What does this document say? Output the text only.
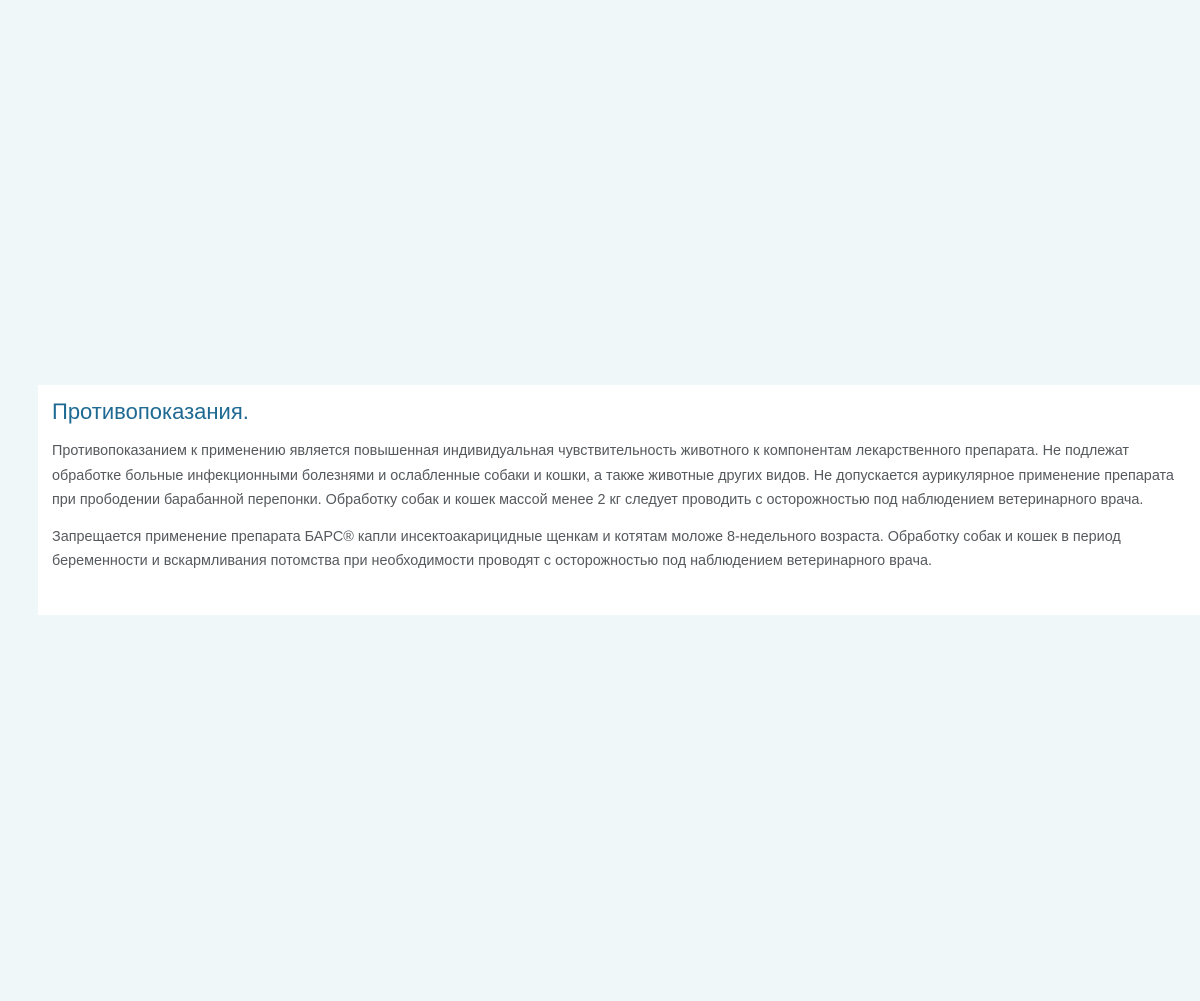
Противопоказания.

Противопоказанием к применению является повышенная индивидуальная чувствительность животного к компонентам лекарственного препарата. Не подлежат обработке больные инфекционными болезнями и ослабленные собаки и кошки, а также животные других видов. Не допускается аурикулярное применение препарата при прободении барабанной перепонки. Обработку собак и кошек массой менее 2 кг следует проводить с осторожностью под наблюдением ветеринарного врача.

Запрещается применение препарата БАРС® капли инсектоакарицидные щенкам и котятам моложе 8-недельного возраста. Обработку собак и кошек в период беременности и вскармливания потомства при необходимости проводят с осторожностью под наблюдением ветеринарного врача.
